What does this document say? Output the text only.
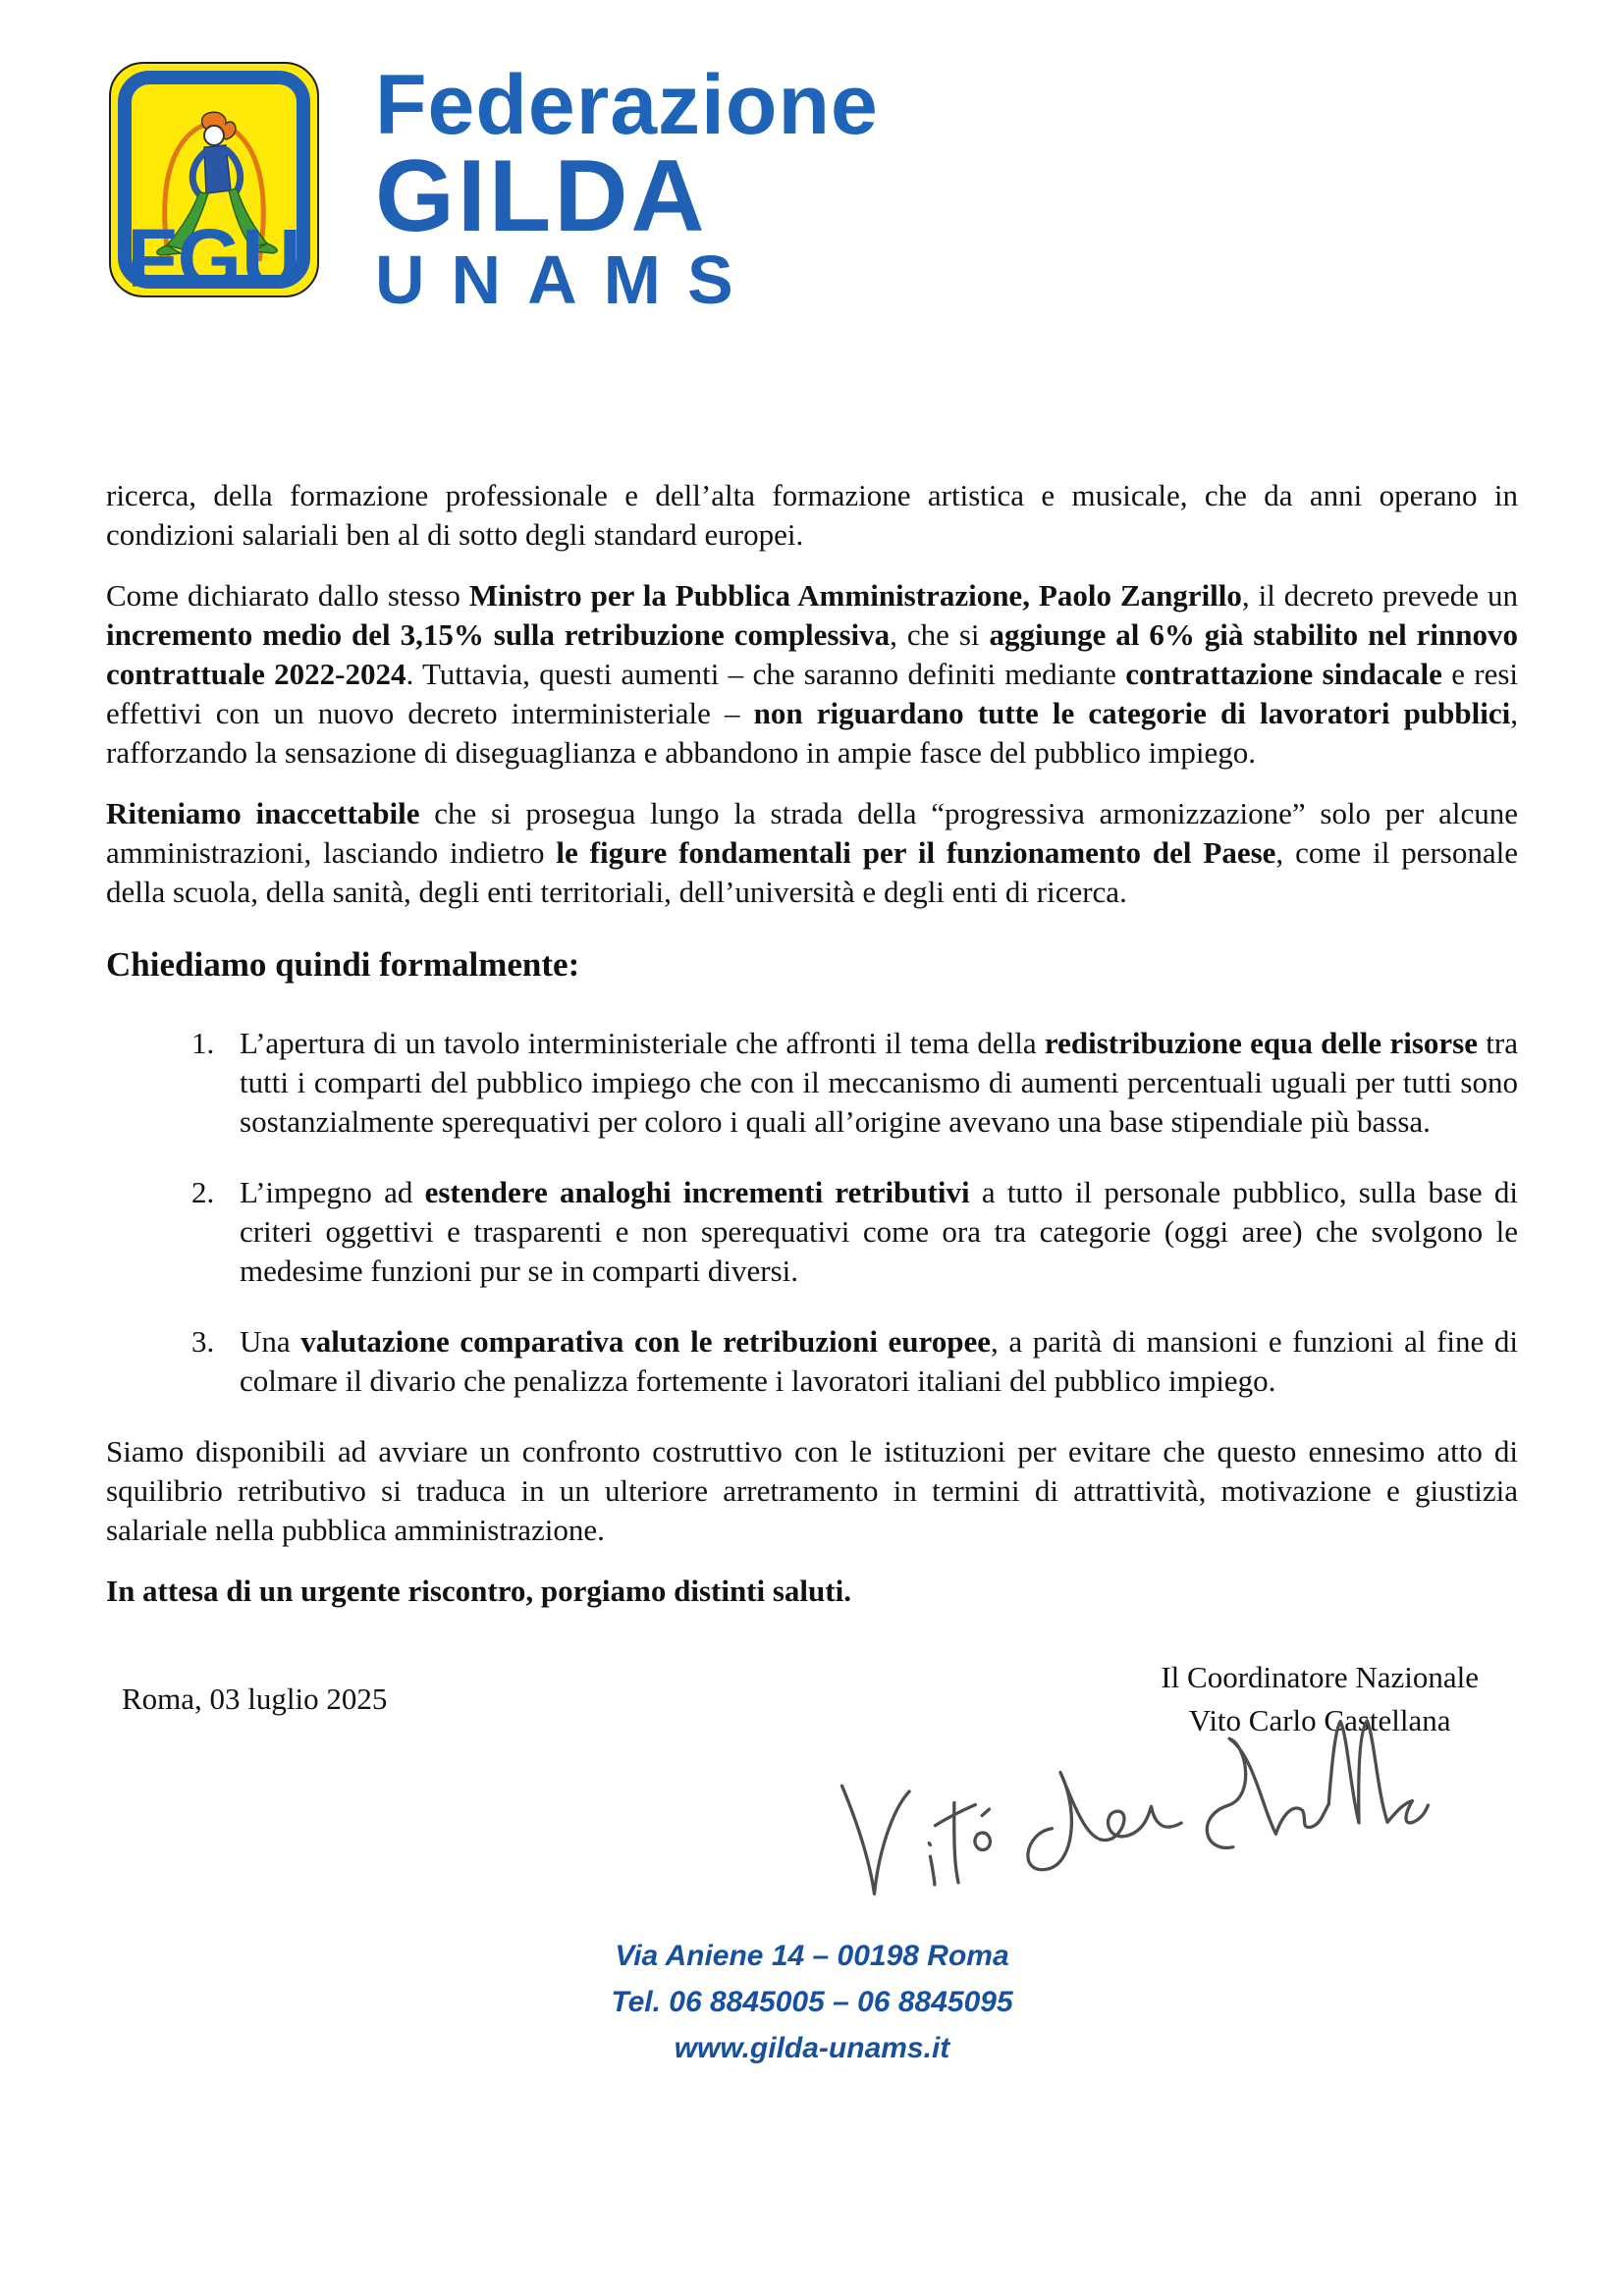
FGU
Federazione
GILDA
UNAMS

ricerca, della formazione professionale e dell’alta formazione artistica e musicale, che da anni operano in condizioni salariali ben al di sotto degli standard europei.

Come dichiarato dallo stesso Ministro per la Pubblica Amministrazione, Paolo Zangrillo, il decreto prevede un incremento medio del 3,15% sulla retribuzione complessiva, che si aggiunge al 6% già stabilito nel rinnovo contrattuale 2022-2024. Tuttavia, questi aumenti – che saranno definiti mediante contrattazione sindacale e resi effettivi con un nuovo decreto interministeriale – non riguardano tutte le categorie di lavoratori pubblici, rafforzando la sensazione di diseguaglianza e abbandono in ampie fasce del pubblico impiego.

Riteniamo inaccettabile che si prosegua lungo la strada della “progressiva armonizzazione” solo per alcune amministrazioni, lasciando indietro le figure fondamentali per il funzionamento del Paese, come il personale della scuola, della sanità, degli enti territoriali, dell’università e degli enti di ricerca.

Chiediamo quindi formalmente:
1. L’apertura di un tavolo interministeriale che affronti il tema della redistribuzione equa delle risorse tra tutti i comparti del pubblico impiego che con il meccanismo di aumenti percentuali uguali per tutti sono sostanzialmente sperequativi per coloro i quali all’origine avevano una base stipendiale più bassa.
2. L’impegno ad estendere analoghi incrementi retributivi a tutto il personale pubblico, sulla base di criteri oggettivi e trasparenti e non sperequativi come ora tra categorie (oggi aree) che svolgono le medesime funzioni pur se in comparti diversi.
3. Una valutazione comparativa con le retribuzioni europee, a parità di mansioni e funzioni al fine di colmare il divario che penalizza fortemente i lavoratori italiani del pubblico impiego.

Siamo disponibili ad avviare un confronto costruttivo con le istituzioni per evitare che questo ennesimo atto di squilibrio retributivo si traduca in un ulteriore arretramento in termini di attrattività, motivazione e giustizia salariale nella pubblica amministrazione.

In attesa di un urgente riscontro, porgiamo distinti saluti.

Roma, 03 luglio 2025
Il Coordinatore Nazionale
Vito Carlo Castellana
Via Aniene 14 – 00198 Roma
Tel. 06 8845005 – 06 8845095
www.gilda-unams.it
